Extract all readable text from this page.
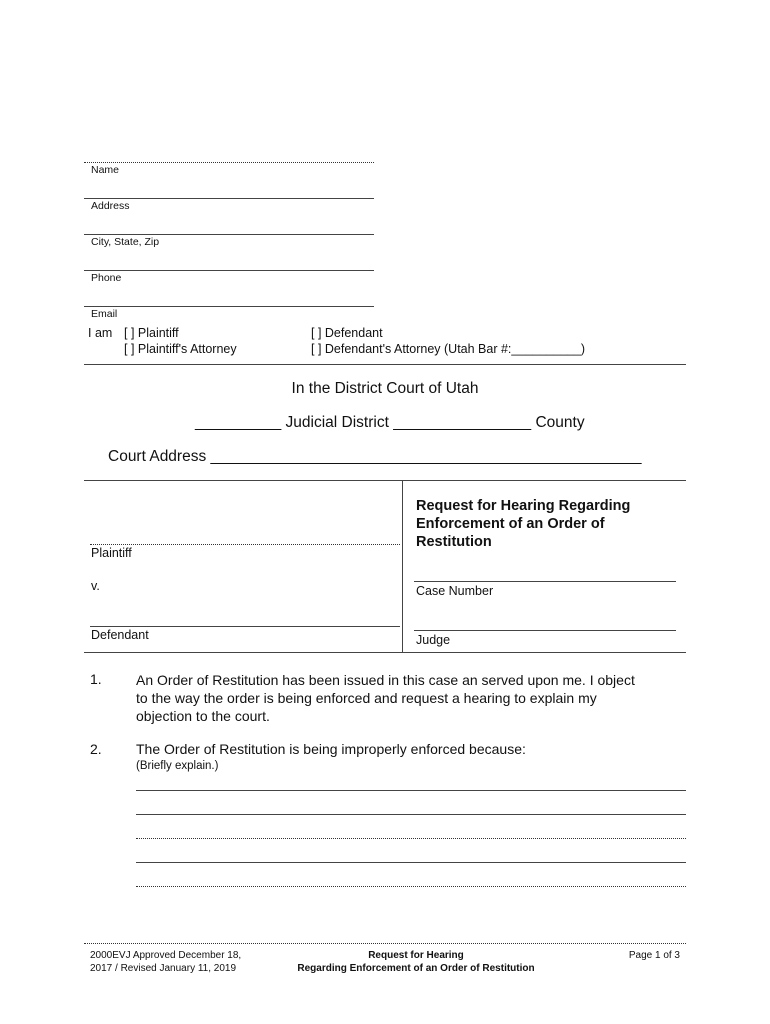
Name
Address
City, State, Zip
Phone
Email
I am [ ] Plaintiff
[ ] Plaintiff's Attorney
[ ] Defendant
[ ] Defendant's Attorney (Utah Bar #:__________)
In the District Court of Utah
__________ Judicial District ________________ County
Court Address __________________________________________________
Plaintiff
v.
Defendant
Request for Hearing Regarding
Enforcement of an Order of
Restitution
Case Number
Judge
1. An Order of Restitution has been issued in this case an served upon me. I object
to the way the order is being enforced and request a hearing to explain my
objection to the court.
2. The Order of Restitution is being improperly enforced because:
(Briefly explain.)
2000EVJ Approved December 18,
2017 / Revised January 11, 2019
Request for Hearing
Regarding Enforcement of an Order of Restitution
Page 1 of 3
